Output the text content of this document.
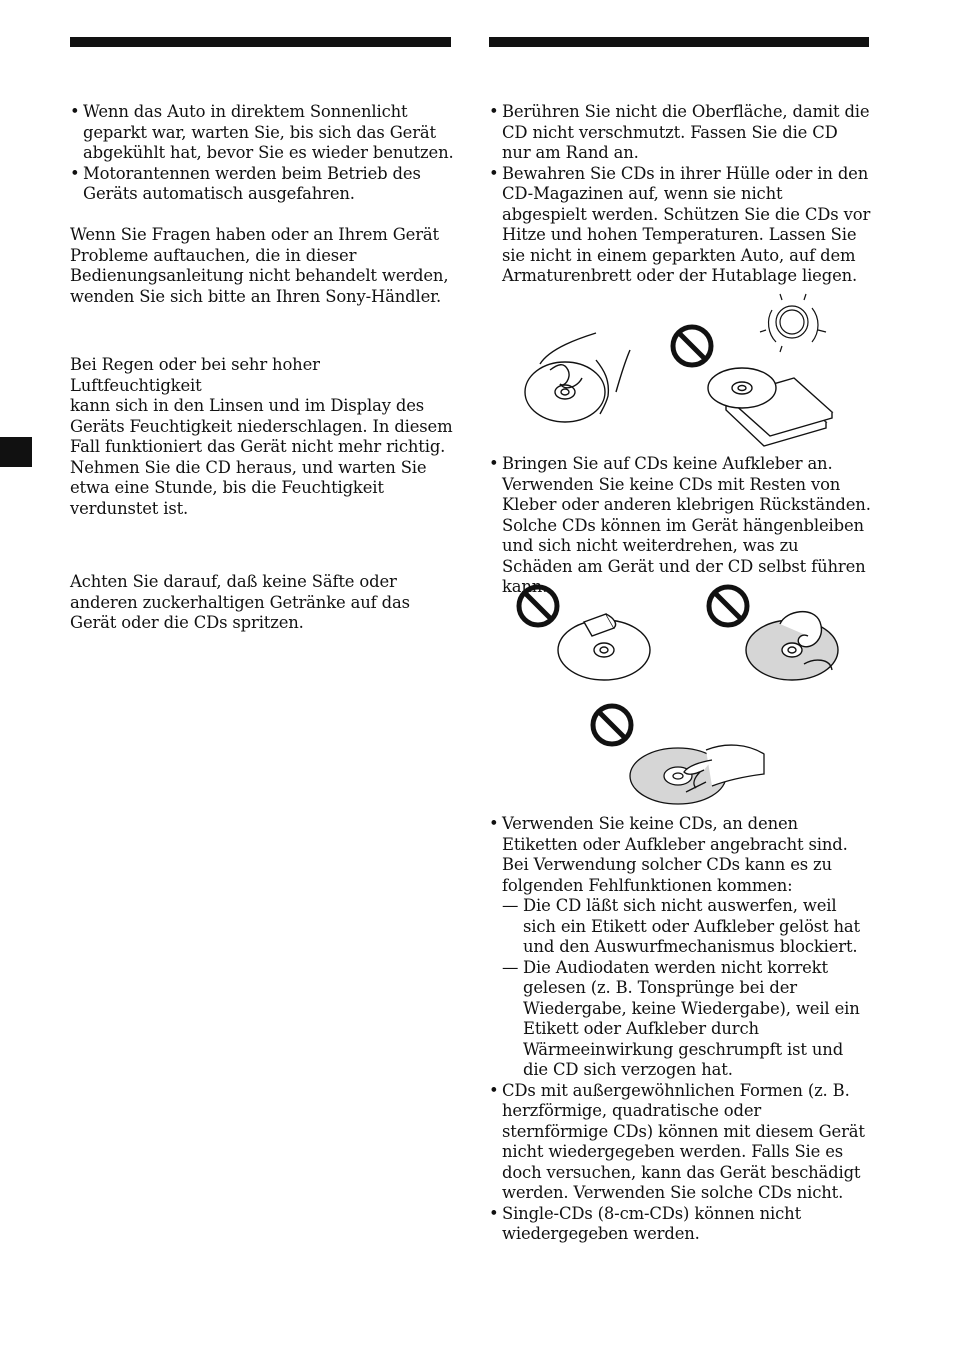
• Wenn das Auto in direktem Sonnenlicht geparkt war, warten Sie, bis sich das Gerät abgekühlt hat, bevor Sie es wieder benutzen.
• Motorantennen werden beim Betrieb des Geräts automatisch ausgefahren.

Wenn Sie Fragen haben oder an Ihrem Gerät
Probleme auftauchen, die in dieser
Bedienungsanleitung nicht behandelt werden,
wenden Sie sich bitte an Ihren Sony-Händler.

Bei Regen oder bei sehr hoher Luftfeuchtigkeit
kann sich in den Linsen und im Display des
Geräts Feuchtigkeit niederschlagen. In diesem
Fall funktioniert das Gerät nicht mehr richtig.
Nehmen Sie die CD heraus, und warten Sie
etwa eine Stunde, bis die Feuchtigkeit
verdunstet ist.

Achten Sie darauf, daß keine Säfte oder
anderen zuckerhaltigen Getränke auf das
Gerät oder die CDs spritzen.

• Berühren Sie nicht die Oberfläche, damit die CD nicht verschmutzt. Fassen Sie die CD nur am Rand an.
• Bewahren Sie CDs in ihrer Hülle oder in den CD-Magazinen auf, wenn sie nicht abgespielt werden. Schützen Sie die CDs vor Hitze und hohen Temperaturen. Lassen Sie sie nicht in einem geparkten Auto, auf dem Armaturenbrett oder der Hutablage liegen.
• Bringen Sie auf CDs keine Aufkleber an. Verwenden Sie keine CDs mit Resten von Kleber oder anderen klebrigen Rückständen. Solche CDs können im Gerät hängenbleiben und sich nicht weiterdrehen, was zu Schäden am Gerät und der CD selbst führen kann.
• Verwenden Sie keine CDs, an denen Etiketten oder Aufkleber angebracht sind. Bei Verwendung solcher CDs kann es zu folgenden Fehlfunktionen kommen:
— Die CD läßt sich nicht auswerfen, weil sich ein Etikett oder Aufkleber gelöst hat und den Auswurfmechanismus blockiert.
— Die Audiodaten werden nicht korrekt gelesen (z. B. Tonsprünge bei der Wiedergabe, keine Wiedergabe), weil ein Etikett oder Aufkleber durch Wärmeeinwirkung geschrumpft ist und die CD sich verzogen hat.
• CDs mit außergewöhnlichen Formen (z. B. herzförmige, quadratische oder sternförmige CDs) können mit diesem Gerät nicht wiedergegeben werden. Falls Sie es doch versuchen, kann das Gerät beschädigt werden. Verwenden Sie solche CDs nicht.
• Single-CDs (8-cm-CDs) können nicht wiedergegeben werden.
